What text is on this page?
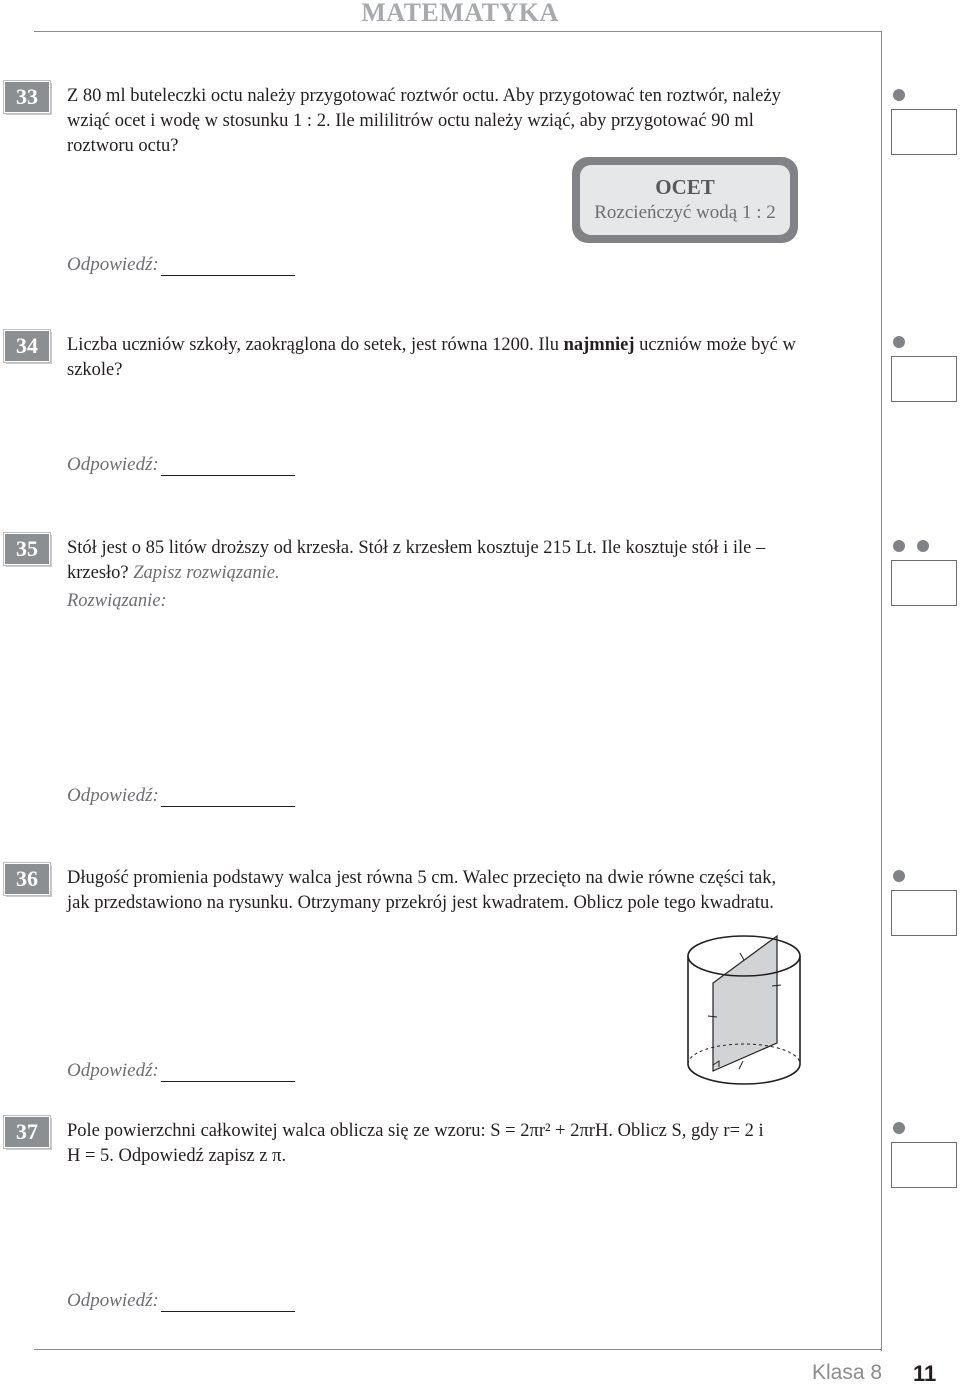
MATEMATYKA
33	Z 80 ml buteleczki octu należy przygotować roztwór octu. Aby przygotować ten roztwór, należy
wziąć ocet i wodę w stosunku 1 : 2. Ile mililitrów octu należy wziąć, aby przygotować 90 ml
roztworu octu?
OCET
Rozcieńczyć wodą 1 : 2
Odpowiedź:
34	Liczba uczniów szkoły, zaokrąglona do setek, jest równa 1200. Ilu najmniej uczniów może być w
szkole?
Odpowiedź:
35	Stół jest o 85 litów droższy od krzesła. Stół z krzesłem kosztuje 215 Lt. Ile kosztuje stół i ile –
krzesło? Zapisz rozwiązanie.
Rozwiązanie:
Odpowiedź:
36	Długość promienia podstawy walca jest równa 5 cm. Walec przecięto na dwie równe części tak,
jak przedstawiono na rysunku. Otrzymany przekrój jest kwadratem. Oblicz pole tego kwadratu.
Odpowiedź:
37	Pole powierzchni całkowitej walca oblicza się ze wzoru: S = 2πr² + 2πrH. Oblicz S, gdy r= 2 i
H = 5. Odpowiedź zapisz z π.
Odpowiedź:
Klasa 8 11
